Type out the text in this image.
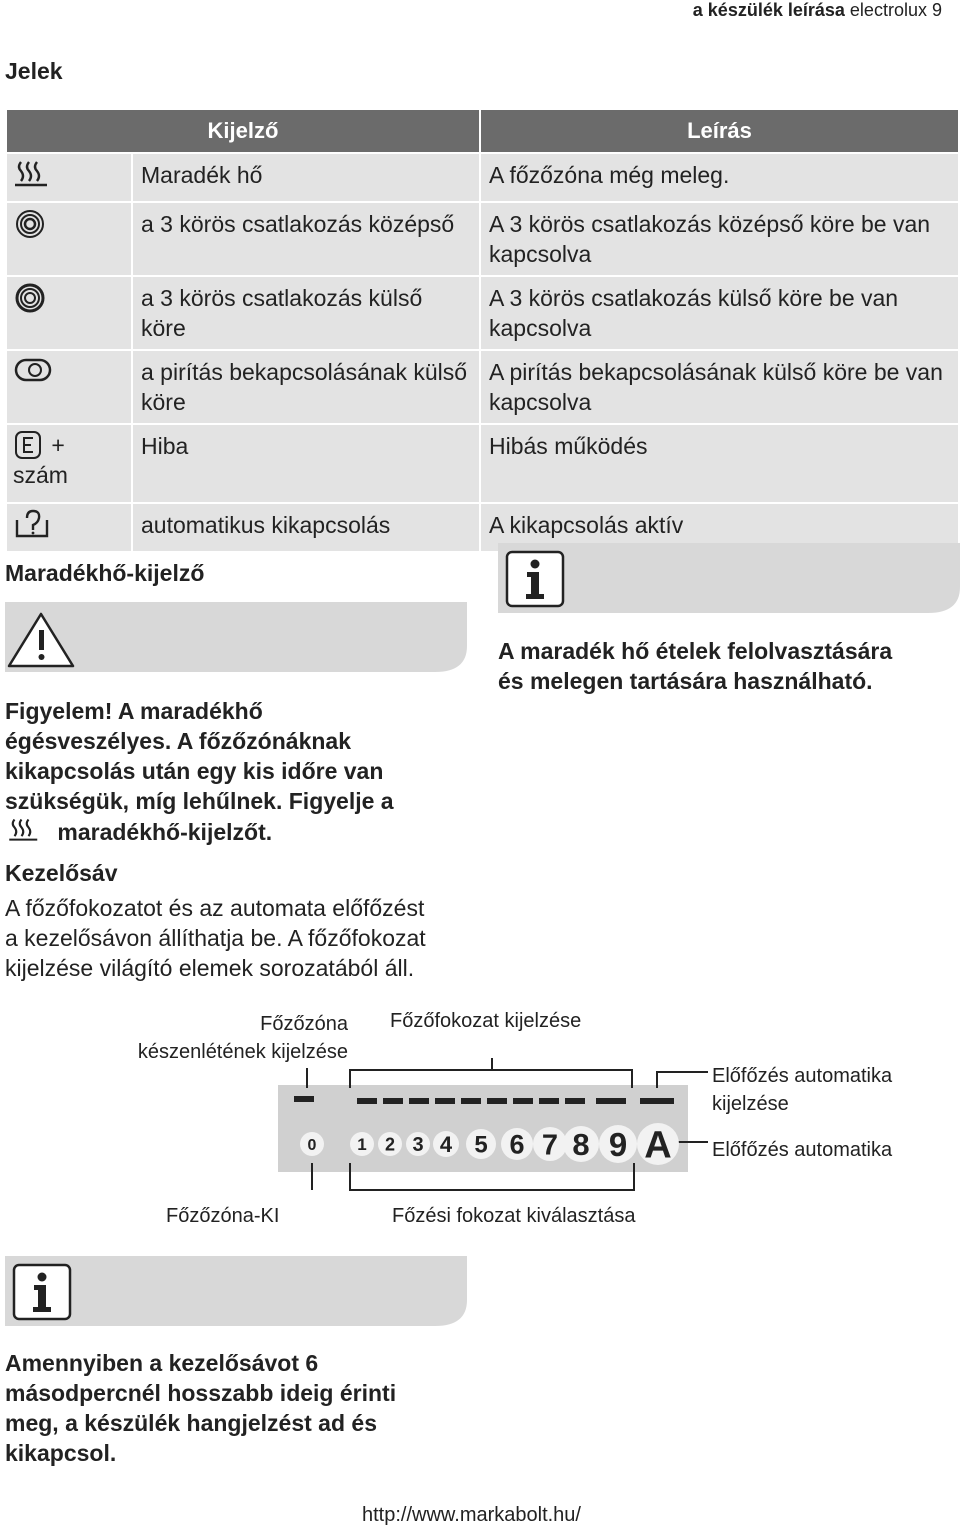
a készülék leírása electrolux 9
Jelek
Kijelző		Leírás
	Maradék hő	A főzőzóna még meleg.
	a 3 körös csatlakozás középső	A 3 körös csatlakozás középső köre be van kapcsolva
	a 3 körös csatlakozás külső köre	A 3 körös csatlakozás külső köre be van kapcsolva
	a pirítás bekapcsolásának külső köre	A pirítás bekapcsolásának külső köre be van kapcsolva
+ szám	Hiba	Hibás működés
	automatikus kikapcsolás	A kikapcsolás aktív
Maradékhő-kijelző
Figyelem! A maradékhő
égésveszélyes. A főzőzónáknak
kikapcsolás után egy kis időre van
szükségük, míg lehűlnek. Figyelje a
maradékhő-kijelzőt.
A maradék hő ételek felolvasztására
és melegen tartására használható.
Kezelősáv
A főzőfokozatot és az automata előfőzést
a kezelősávon állíthatja be. A főzőfokozat
kijelzése világító elemek sorozatából áll.
Főzőzóna
készenlétének kijelzése
Főzőfokozat kijelzése
Előfőzés automatika
kijelzése
Előfőzés automatika
Főzőzóna-KI	Főzési fokozat kiválasztása
0 1 2 3 4 5 6 7 8 9 A
Amennyiben a kezelősávot 6
másodpercnél hosszabb ideig érinti
meg, a készülék hangjelzést ad és
kikapcsol.
http://www.markabolt.hu/
